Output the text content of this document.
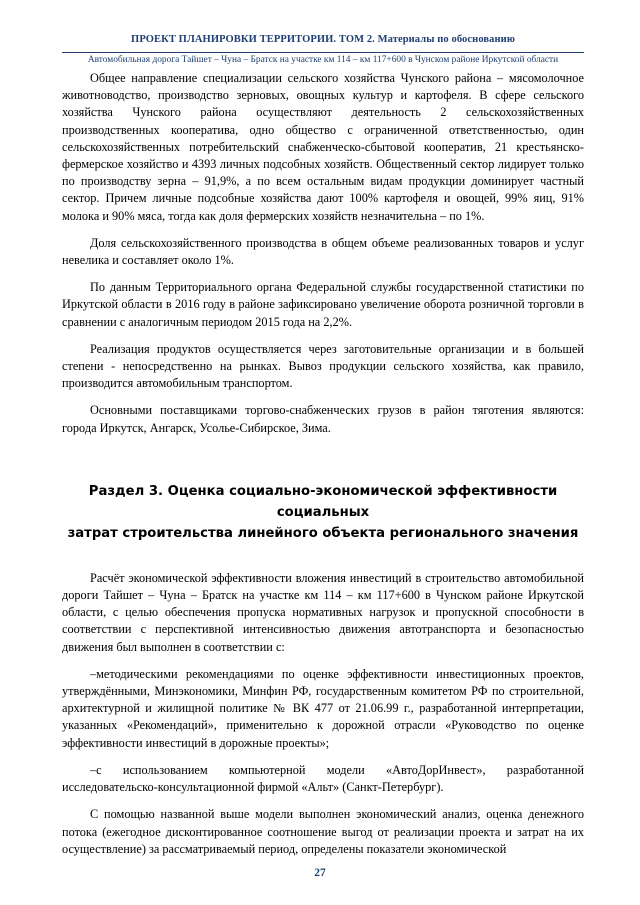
ПРОЕКТ ПЛАНИРОВКИ ТЕРРИТОРИИ. ТОМ 2. Материалы по обоснованию
Автомобильная дорога Тайшет – Чуна – Братск на участке км 114 – км 117+600 в Чунском районе Иркутской области

Общее направление специализации сельского хозяйства Чунского района – мясомолочное животноводство, производство зерновых, овощных культур и картофеля. В сфере сельского хозяйства Чунского района осуществляют деятельность 2 сельскохозяйственных производственных кооператива, одно общество с ограниченной ответственностью, один сельскохозяйственных потребительский снабженческо-сбытовой кооператив, 21 крестьянско-фермерское хозяйство и 4393 личных подсобных хозяйств. Общественный сектор лидирует только по производству зерна – 91,9%, а по всем остальным видам продукции доминирует частный сектор. Причем личные подсобные хозяйства дают 100% картофеля и овощей, 99% яиц, 91% молока и 90% мяса, тогда как доля фермерских хозяйств незначительна – по 1%.

Доля сельскохозяйственного производства в общем объеме реализованных товаров и услуг невелика и составляет около 1%.

По данным Территориального органа Федеральной службы государственной статистики по Иркутской области в 2016 году в районе зафиксировано увеличение оборота розничной торговли в сравнении с аналогичным периодом 2015 года на 2,2%.

Реализация продуктов осуществляется через заготовительные организации и в большей степени - непосредственно на рынках. Вывоз продукции сельского хозяйства, как правило, производится автомобильным транспортом.

Основными поставщиками торгово-снабженческих грузов в район тяготения являются: города Иркутск, Ангарск, Усолье-Сибирское, Зима.

Раздел 3. Оценка социально-экономической эффективности социальных
затрат строительства линейного объекта регионального значения

Расчёт экономической эффективности вложения инвестиций в строительство автомобильной дороги Тайшет – Чуна – Братск на участке км 114 – км 117+600 в Чунском районе Иркутской области, с целью обеспечения пропуска нормативных нагрузок и пропускной способности в соответствии с перспективной интенсивностью движения автотранспорта и безопасностью движения был выполнен в соответствии с:

–методическими рекомендациями по оценке эффективности инвестиционных проектов, утверждёнными, Минэкономики, Минфин РФ, государственным комитетом РФ по строительной, архитектурной и жилищной политике № ВК 477 от 21.06.99 г., разработанной интерпретации, указанных «Рекомендаций», применительно к дорожной отрасли «Руководство по оценке эффективности инвестиций в дорожные проекты»;

–с использованием компьютерной модели «АвтоДорИнвест», разработанной исследовательско-консультационной фирмой «Альт» (Санкт-Петербург).

С помощью названной выше модели выполнен экономический анализ, оценка денежного потока (ежегодное дисконтированное соотношение выгод от реализации проекта и затрат на их осуществление) за рассматриваемый период, определены показатели экономической

27
